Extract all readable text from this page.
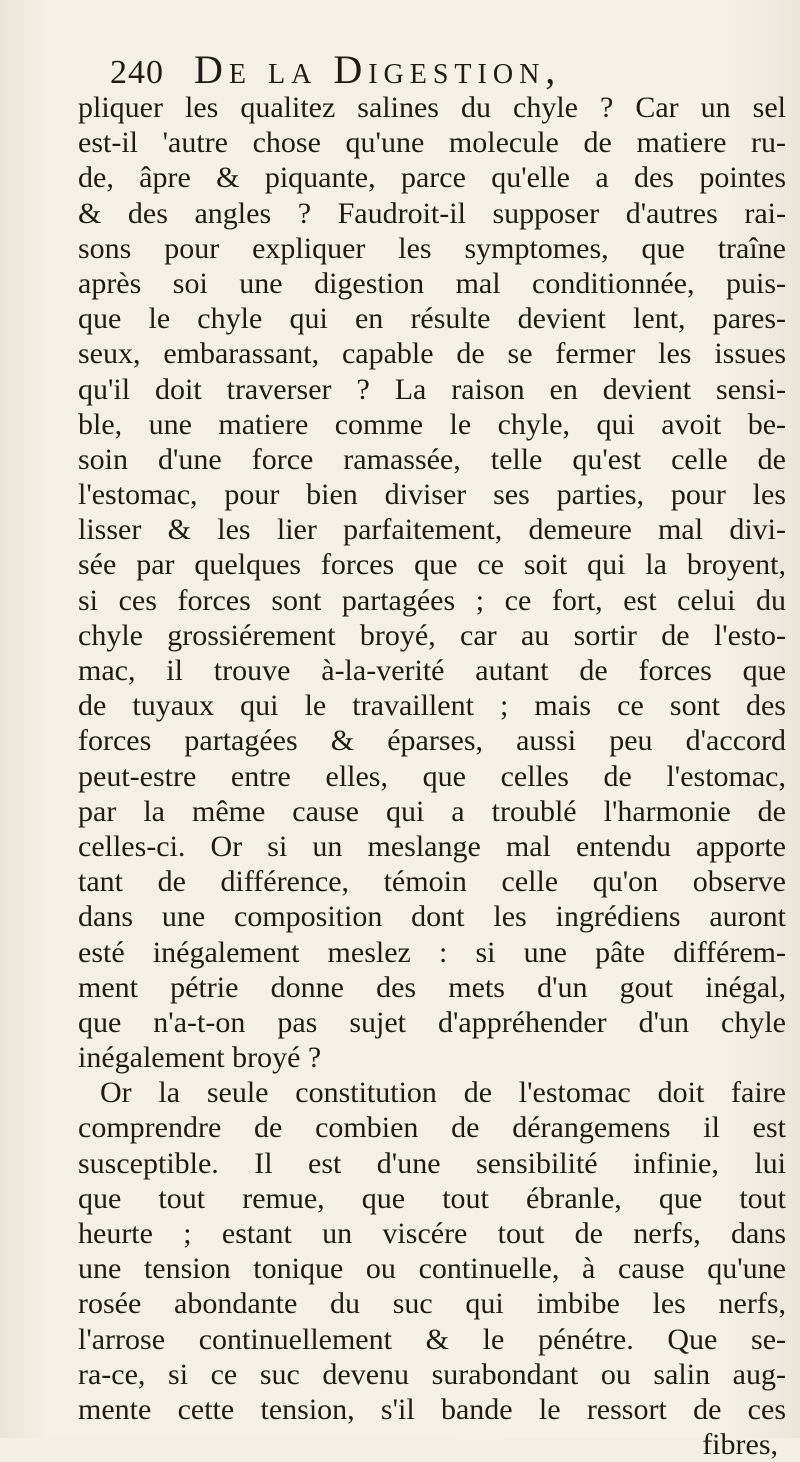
240 De la Digestion,
pliquer les qualitez salines du chyle ? Car un sel
est-il 'autre chose qu'une molecule de matiere ru-
de, âpre & piquante, parce qu'elle a des pointes
& des angles ? Faudroit-il supposer d'autres rai-
sons pour expliquer les symptomes, que traîne
après soi une digestion mal conditionnée, puis-
que le chyle qui en résulte devient lent, pares-
seux, embarassant, capable de se fermer les issues
qu'il doit traverser ? La raison en devient sensi-
ble, une matiere comme le chyle, qui avoit be-
soin d'une force ramassée, telle qu'est celle de
l'estomac, pour bien diviser ses parties, pour les
lisser & les lier parfaitement, demeure mal divi-
sée par quelques forces que ce soit qui la broyent,
si ces forces sont partagées ; ce fort, est celui du
chyle grossiérement broyé, car au sortir de l'esto-
mac, il trouve à-la-verité autant de forces que
de tuyaux qui le travaillent ; mais ce sont des
forces partagées & éparses, aussi peu d'accord
peut-estre entre elles, que celles de l'estomac,
par la même cause qui a troublé l'harmonie de
celles-ci. Or si un meslange mal entendu apporte
tant de différence, témoin celle qu'on observe
dans une composition dont les ingrédiens auront
esté inégalement meslez : si une pâte différem-
ment pétrie donne des mets d'un gout inégal,
que n'a-t-on pas sujet d'appréhender d'un chyle
inégalement broyé ?
Or la seule constitution de l'estomac doit faire
comprendre de combien de dérangemens il est
susceptible. Il est d'une sensibilité infinie, lui
que tout remue, que tout ébranle, que tout
heurte ; estant un viscére tout de nerfs, dans
une tension tonique ou continuelle, à cause qu'une
rosée abondante du suc qui imbibe les nerfs,
l'arrose continuellement & le pénétre. Que se-
ra-ce, si ce suc devenu surabondant ou salin aug-
mente cette tension, s'il bande le ressort de ces
fibres,
